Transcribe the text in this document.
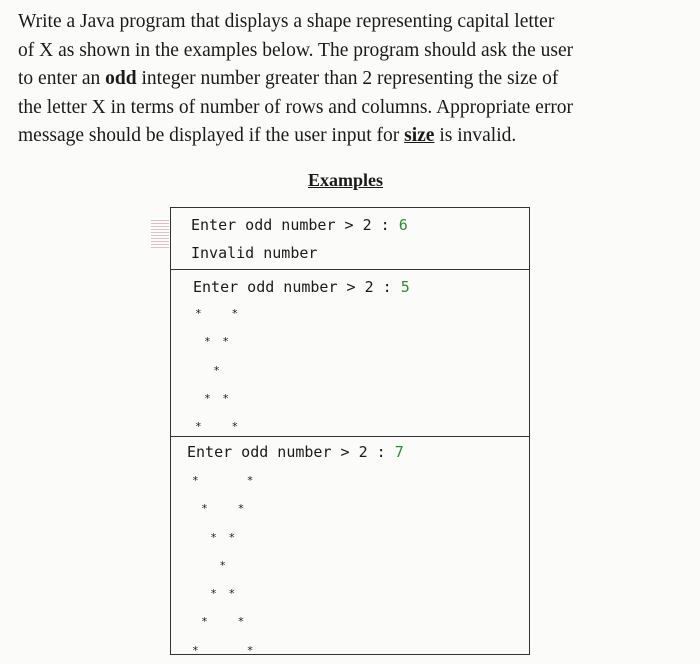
Write a Java program that displays a shape representing capital letter

of X as shown in the examples below. The program should ask the user

to enter an odd integer number greater than 2 representing the size of

the letter X in terms of number of rows and columns. Appropriate error

message should be displayed if the user input for size is invalid.

Examples
Enter odd number > 2 : 6
Invalid number
Enter odd number > 2 : 5
*   *
* *
*
* *
*   *
Enter odd number > 2 : 7
*     *
*   *
* *
*
* *
*   *
*     *
